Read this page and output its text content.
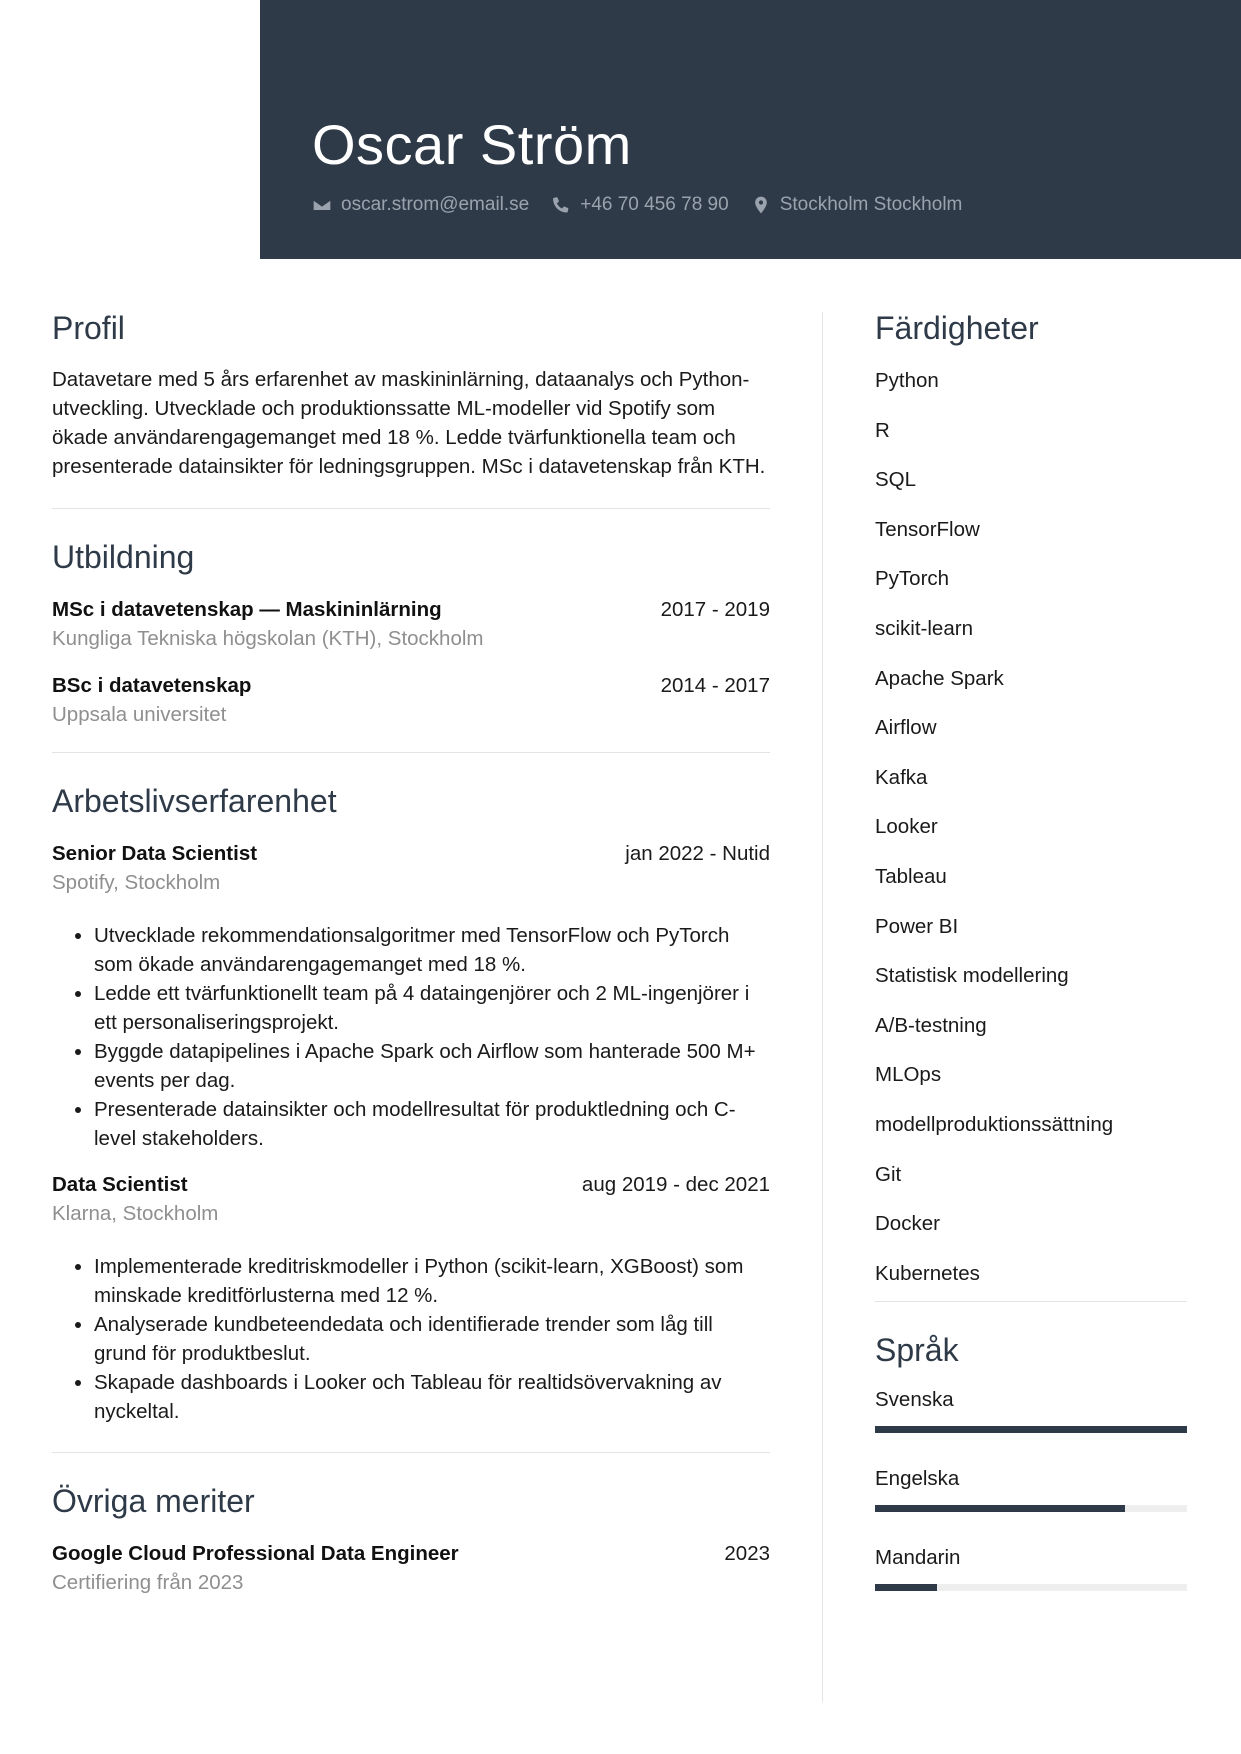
Oscar Ström
oscar.strom@email.se	+46 70 456 78 90	Stockholm Stockholm
Profil
Datavetare med 5 års erfarenhet av maskininlärning, dataanalys och Python-utveckling. Utvecklade och produktionssatte ML-modeller vid Spotify som ökade användarengagemanget med 18 %. Ledde tvärfunktionella team och presenterade datainsikter för ledningsgruppen. MSc i datavetenskap från KTH.
Utbildning
MSc i datavetenskap — Maskininlärning	2017 - 2019
Kungliga Tekniska högskolan (KTH), Stockholm
BSc i datavetenskap	2014 - 2017
Uppsala universitet
Arbetslivserfarenhet
Senior Data Scientist	jan 2022 - Nutid
Spotify, Stockholm
• Utvecklade rekommendationsalgoritmer med TensorFlow och PyTorch som ökade användarengagemanget med 18 %.
• Ledde ett tvärfunktionellt team på 4 dataingenjörer och 2 ML-ingenjörer i ett personaliseringsprojekt.
• Byggde datapipelines i Apache Spark och Airflow som hanterade 500 M+ events per dag.
• Presenterade datainsikter och modellresultat för produktledning och C-level stakeholders.
Data Scientist	aug 2019 - dec 2021
Klarna, Stockholm
• Implementerade kreditriskmodeller i Python (scikit-learn, XGBoost) som minskade kreditförlusterna med 12 %.
• Analyserade kundbeteendedata och identifierade trender som låg till grund för produktbeslut.
• Skapade dashboards i Looker och Tableau för realtidsövervakning av nyckeltal.
Övriga meriter
Google Cloud Professional Data Engineer	2023
Certifiering från 2023
Färdigheter
Python
R
SQL
TensorFlow
PyTorch
scikit-learn
Apache Spark
Airflow
Kafka
Looker
Tableau
Power BI
Statistisk modellering
A/B-testning
MLOps
modellproduktionssättning
Git
Docker
Kubernetes
Språk
Svenska
Engelska
Mandarin
